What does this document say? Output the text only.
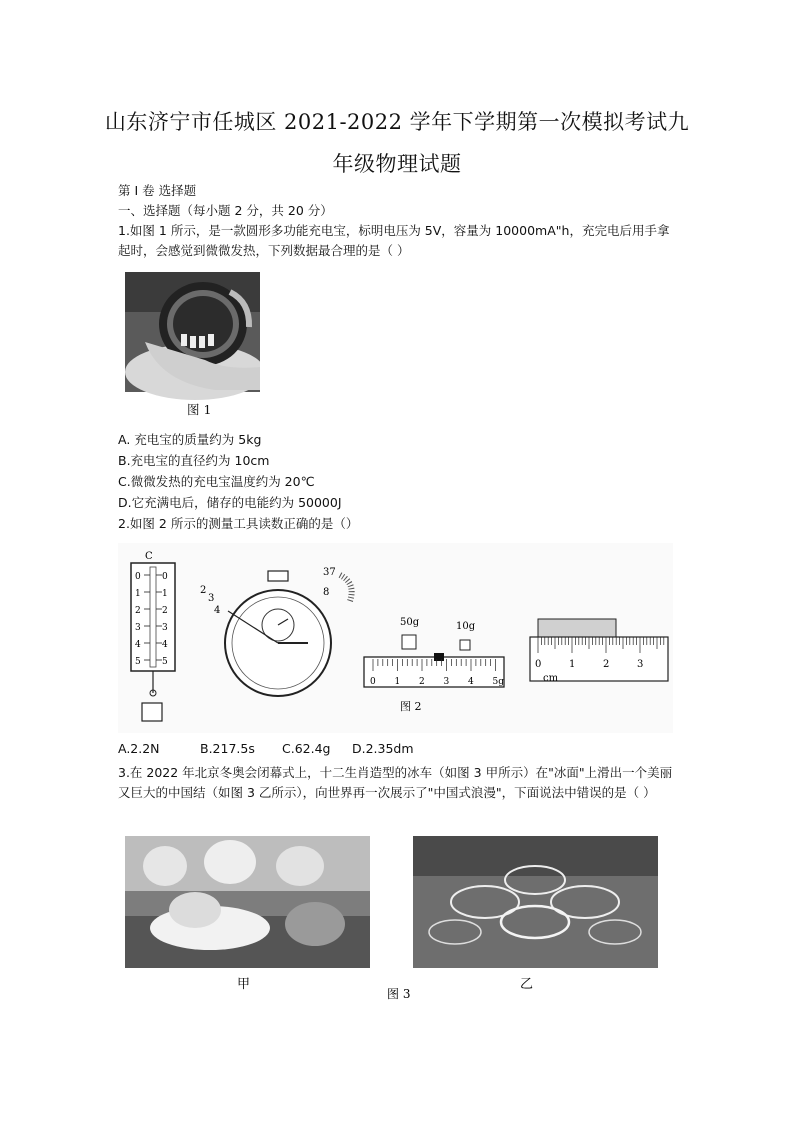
山东济宁市任城区 2021-2022 学年下学期第一次模拟考试九
年级物理试题
第 I 卷 选择题
一、选择题（每小题 2 分，共 20 分）
1.如图 1 所示，是一款圆形多功能充电宝，标明电压为 5V，容量为 10000mA"h，充完电后用手拿起时，会感觉到微微发热，下列数据最合理的是（ ）
图 1
A. 充电宝的质量约为 5kg
B.充电宝的直径约为 10cm
C.微微发热的充电宝温度约为 20℃
D.它充满电后，储存的电能约为 50000J
2.如图 2 所示的测量工具读数正确的是（）
C
0 0
1 1
2 2
3 3
4 4
5 5
2
3
4
8
37
50g	10g
0 1 2 3 4 5g
图 2
0	1	2	3
cm
A.2.2N	B.217.5s C.62.4g D.2.35dm
3.在 2022 年北京冬奥会闭幕式上，十二生肖造型的冰车（如图 3 甲所示）在"冰面"上滑出一个美丽又巨大的中国结（如图 3 乙所示），向世界再一次展示了"中国式浪漫"，下面说法中错误的是（ ）
甲	乙
图 3
